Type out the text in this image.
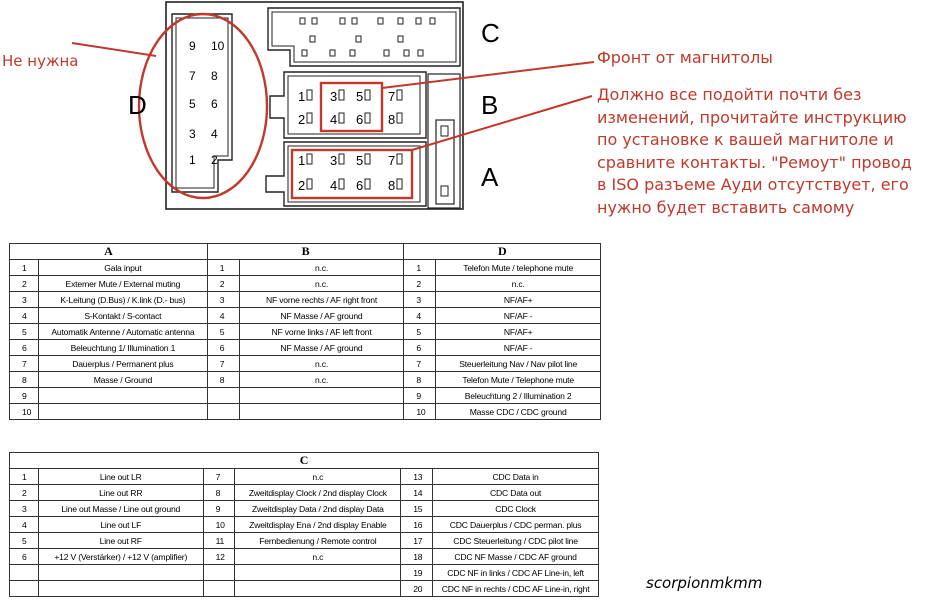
C
B
A
D
9 10
7 8
5 6
3 4
1 2
1 3 5 7
2 4 6 8
1 3 5 7
2 4 6 8
Не нужна	Фронт от магнитолы
Должно все подойти почти без
изменений, прочитайте инструкцию
по установке к вашей магнитоле и
сравните контакты. "Ремоут" провод
в ISO разъеме Ауди отсутствует, его
нужно будет вставить самому
A		B		D	
1	Gala input	1	n.c.	1	Telefon Mute / telephone mute
2	Externer Mute / External muting	2	n.c.	2	n.c.
3	K-Leitung (D.Bus) / K.link (D.- bus)	3	NF vorne rechts / AF right front	3	NF/AF+
4	S-Kontakt / S-contact	4	NF Masse / AF ground	4	NF/AF -
5	Automatik Antenne / Automatic antenna	5	NF vorne links / AF left front	5	NF/AF+
6	Beleuchtung 1/ Illumination 1	6	NF Masse / AF ground	6	NF/AF -
7	Dauerplus / Permanent plus	7	n.c.	7	Steuerleitung Nav / Nav pilot line
8	Masse / Ground	8	n.c.	8	Telefon Mute / Telephone mute
9				9	Beleuchtung 2 / Illumination 2
10				10	Masse CDC / CDC ground
C					
1	Line out LR	7	n.c	13	CDC Data in
2	Line out RR	8	Zweitdisplay Clock / 2nd display Clock	14	CDC Data out
3	Line out Masse / Line out ground	9	Zweitdisplay Data / 2nd display Data	15	CDC Clock
4	Line out LF	10	Zweitdisplay Ena / 2nd display Enable	16	CDC Dauerplus / CDC perman. plus
5	Line out RF	11	Fernbedienung / Remote control	17	CDC Steuerleitung / CDC pilot line
6	+12 V (Verstärker) / +12 V (amplifier)	12	n.c	18	CDC NF Masse / CDC AF ground
				19	CDC NF in links / CDC AF Line-in, left
				20	CDC NF in rechts / CDC AF Line-in, right	scorpionmkmm
